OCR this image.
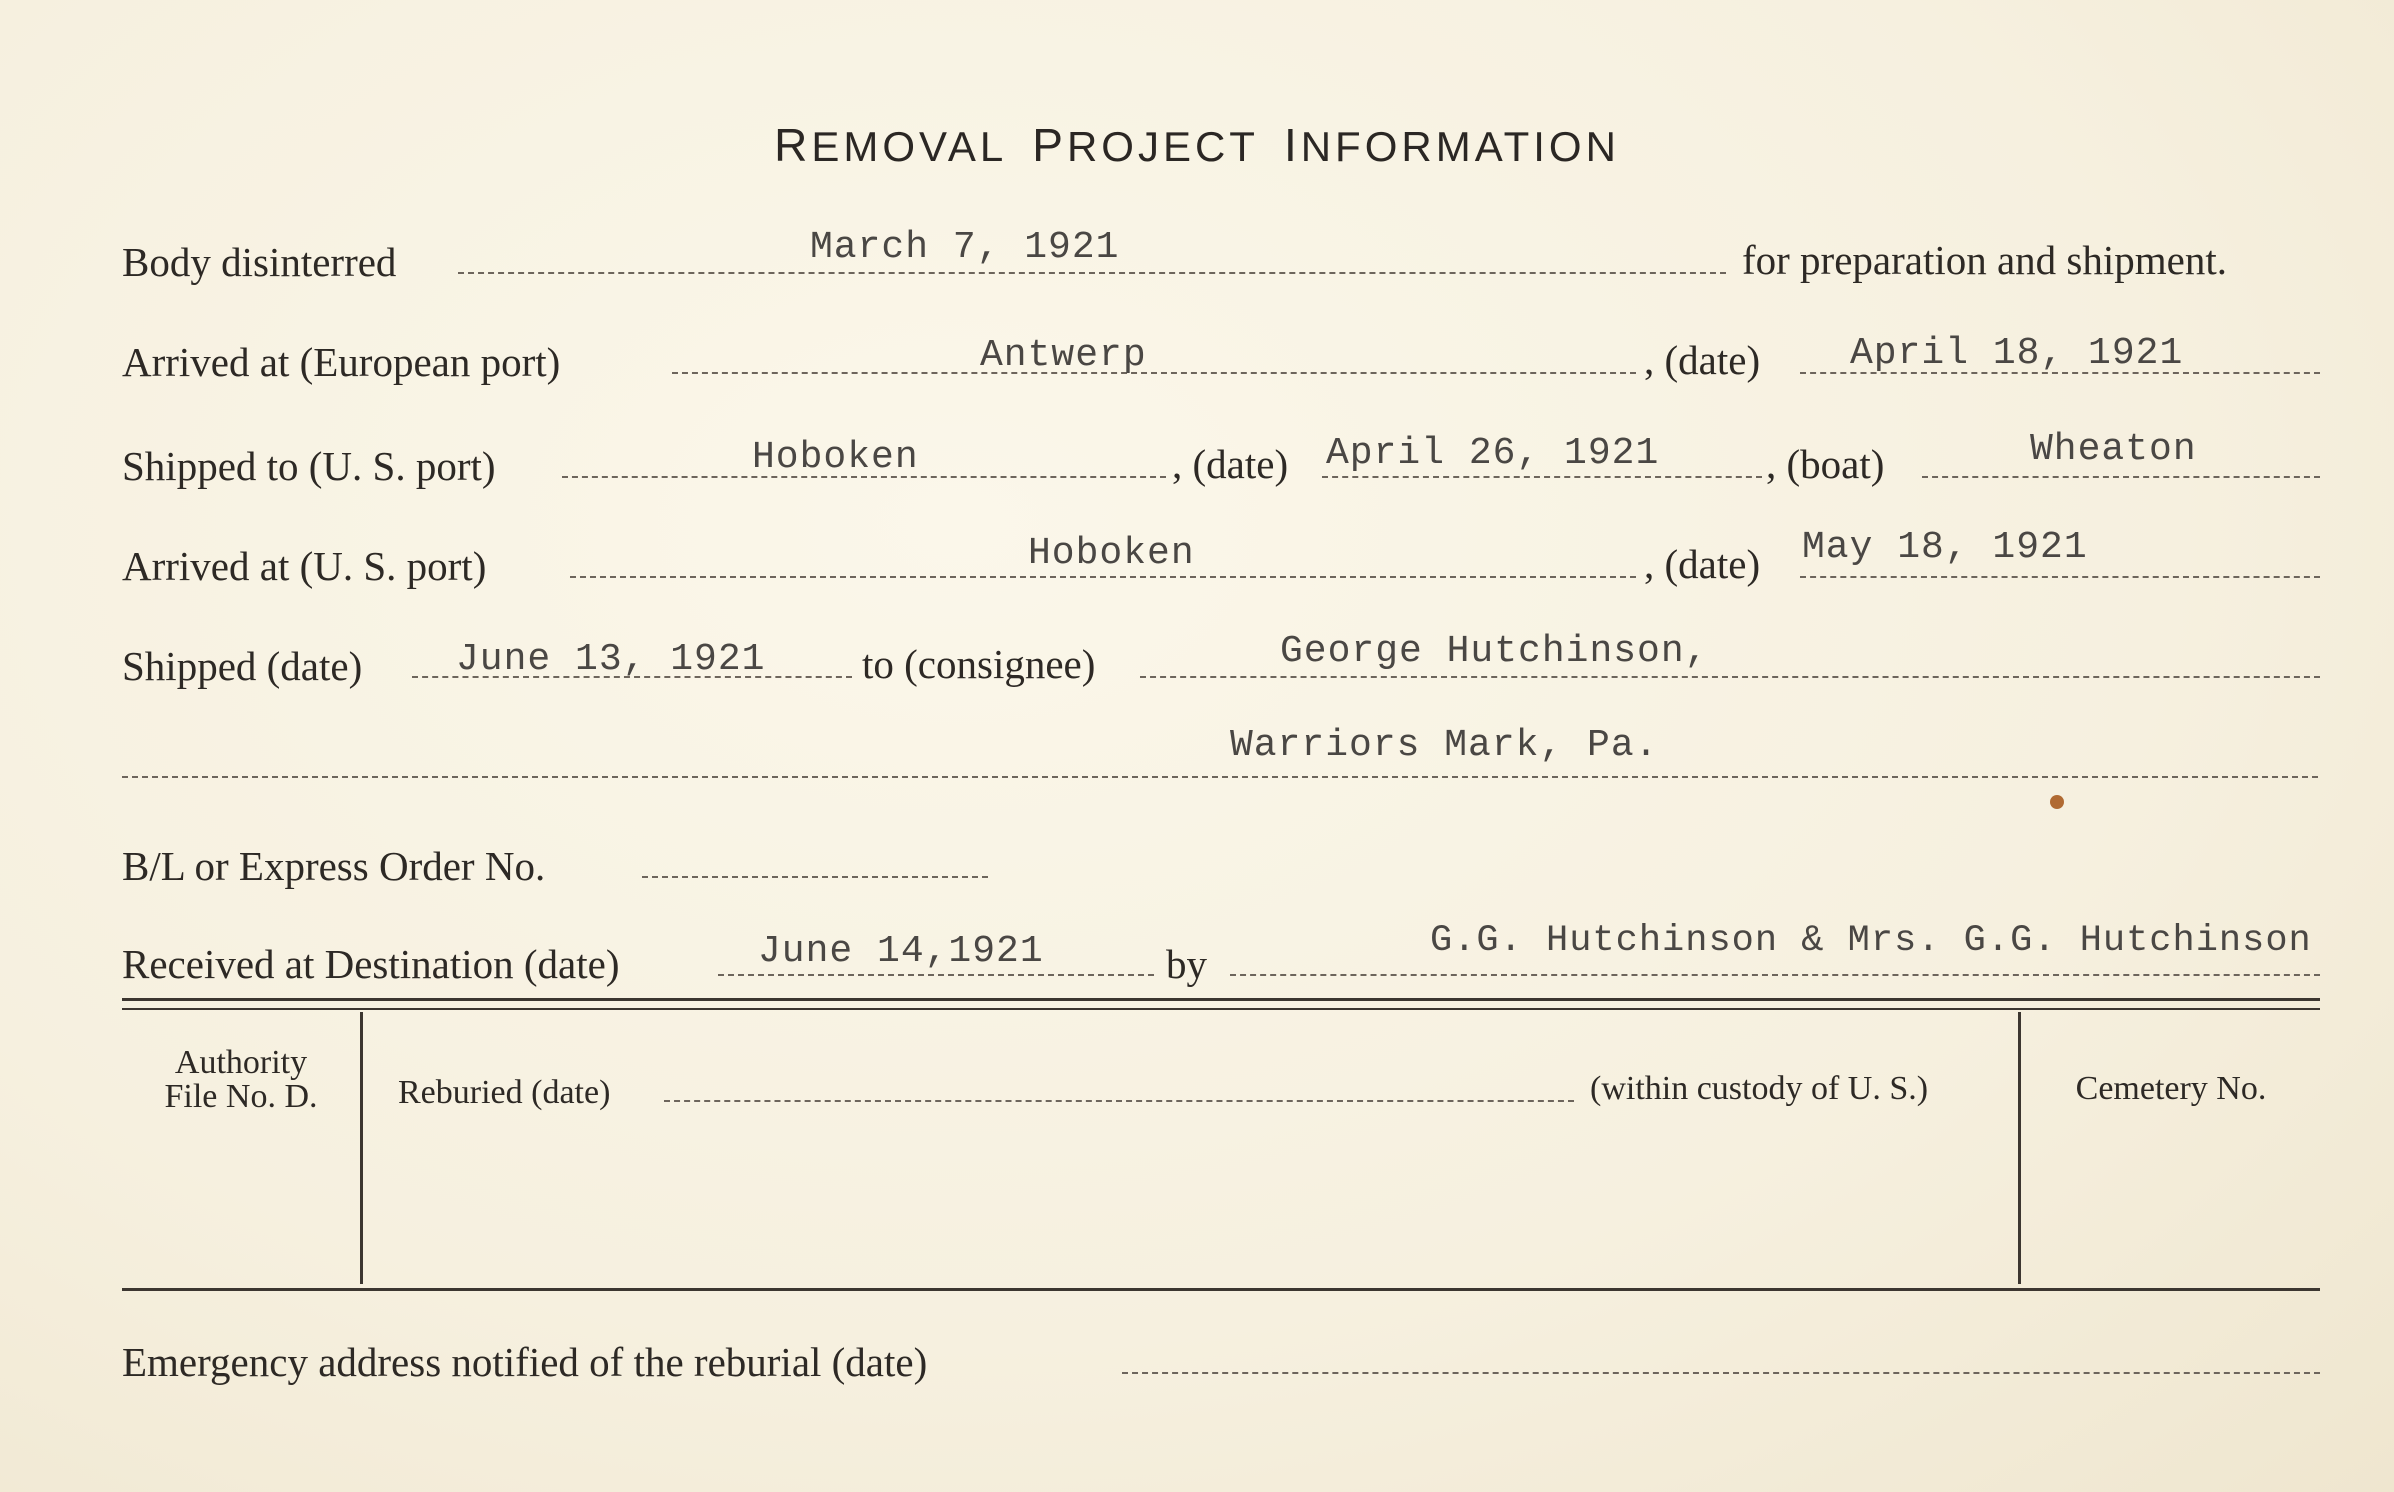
REMOVAL PROJECT INFORMATION
Body disinterred	March 7, 1921	for preparation and shipment.
Arrived at (European port)	Antwerp	, (date) April 18, 1921
Shipped to (U. S. port)	Hoboken	, (date) April 26, 1921	, (boat)	Wheaton
Arrived at (U. S. port)	Hoboken	, (date) May 18, 1921
Shipped (date) June 13, 1921 to (consignee)	George Hutchinson,
Warriors Mark, Pa.
B/L or Express Order No.
Received at Destination (date)	June 14,1921	by	G.G. Hutchinson & Mrs. G.G. Hutchinson
Authority
File No. D.	Reburied (date)	(within custody of U. S.)	Cemetery No.
Emergency address notified of the reburial (date)
